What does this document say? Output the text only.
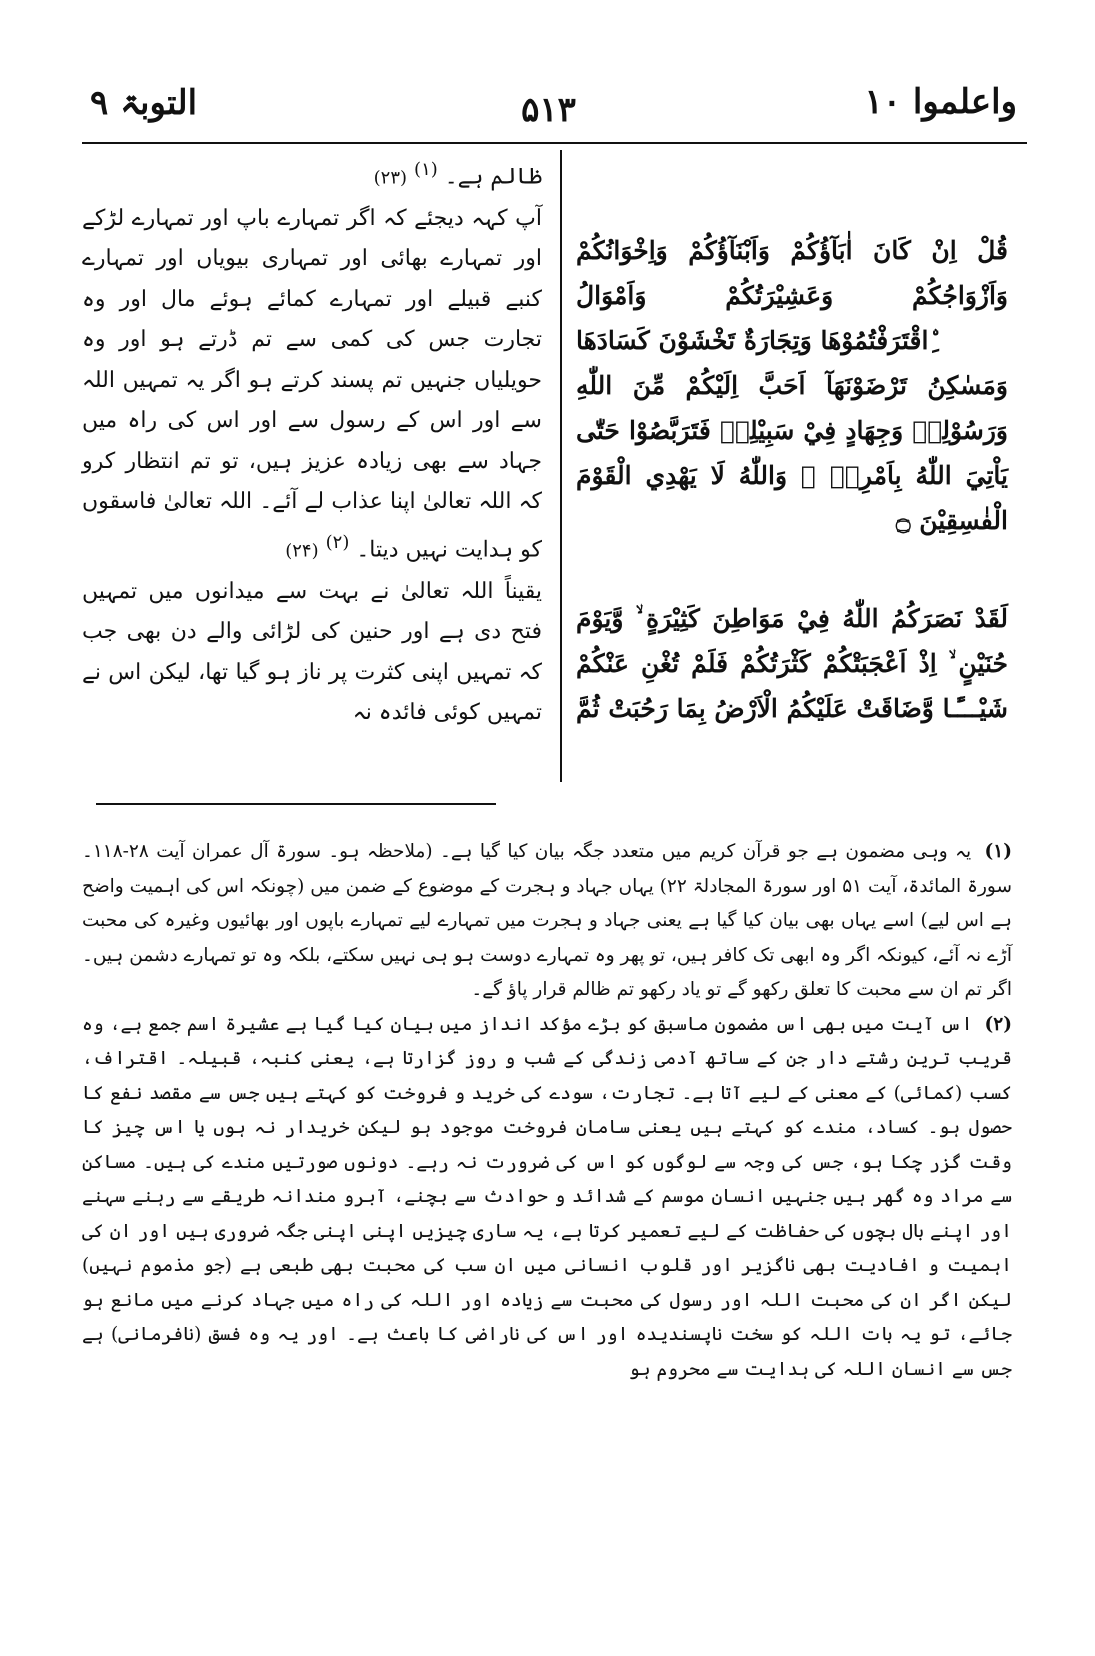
التوبۃ ۹	۵۱۳	واعلموا ۱۰

ظالم ہے۔ $^{(۱)}$ (۲۳)

آپ کہہ دیجئے کہ اگر تمہارے باپ اور تمہارے لڑکے اور تمہارے بھائی اور تمہاری بیویاں اور تمہارے کنبے قبیلے اور تمہارے کمائے ہوئے مال اور وہ تجارت جس کی کمی سے تم ڈرتے ہو اور وہ حویلیاں جنہیں تم پسند کرتے ہو اگر یہ تمہیں اللہ سے اور اس کے رسول سے اور اس کی راہ میں جہاد سے بھی زیادہ عزیز ہیں، تو تم انتظار کرو کہ اللہ تعالیٰ اپنا عذاب لے آئے۔ اللہ تعالیٰ فاسقوں کو ہدایت نہیں دیتا۔ $^{(۲)}$ (۲۴)

یقیناً اللہ تعالیٰ نے بہت سے میدانوں میں تمہیں فتح دی ہے اور حنین کی لڑائی والے دن بھی جب کہ تمہیں اپنی کثرت پر ناز ہو گیا تھا، لیکن اس نے تمہیں کوئی فائدہ نہ

قُلْ اِنْ كَانَ اٰبَآؤُكُمْ وَاَبْنَآؤُكُمْ وَاِخْوَانُكُمْ وَاَزْوَاجُكُمْ وَعَشِيْرَتُكُمْ وَاَمْوَالُ ِۨاقْتَرَفْتُمُوْهَا وَتِجَارَةٌ تَخْشَوْنَ كَسَادَهَا وَمَسٰكِنُ تَرْضَوْنَهَآ اَحَبَّ اِلَيْكُمْ مِّنَ اللّٰهِ وَرَسُوْلِهٖ وَجِهَادٍ فِيْ سَبِيْلِهٖ فَتَرَبَّصُوْا حَتّٰى يَاْتِيَ اللّٰهُ بِاَمْرِهٖ ۭ وَاللّٰهُ لَا يَهْدِي الْقَوْمَ الْفٰسِقِيْنَ ۝

لَقَدْ نَصَرَكُمُ اللّٰهُ فِيْ مَوَاطِنَ كَثِيْرَةٍ ۙ وَّيَوْمَ حُنَيْنٍ ۙ اِذْ اَعْجَبَتْكُمْ كَثْرَتُكُمْ فَلَمْ تُغْنِ عَنْكُمْ شَيْـــًٔـا وَّضَاقَتْ عَلَيْكُمُ الْاَرْضُ بِمَا رَحُبَتْ ثُمَّ

(۱) یہ وہی مضمون ہے جو قرآن کریم میں متعدد جگہ بیان کیا گیا ہے۔ (ملاحظہ ہو۔ سورۃ آل عمران آیت ۲۸-۱۱۸۔ سورۃ المائدۃ، آیت ۵۱ اور سورۃ المجادلۃ ۲۲) یہاں جہاد و ہجرت کے موضوع کے ضمن میں (چونکہ اس کی اہمیت واضح ہے اس لیے) اسے یہاں بھی بیان کیا گیا ہے یعنی جہاد و ہجرت میں تمہارے لیے تمہارے باپوں اور بھائیوں وغیرہ کی محبت آڑے نہ آئے، کیونکہ اگر وہ ابھی تک کافر ہیں، تو پھر وہ تمہارے دوست ہو ہی نہیں سکتے، بلکہ وہ تو تمہارے دشمن ہیں۔ اگر تم ان سے محبت کا تعلق رکھو گے تو یاد رکھو تم ظالم قرار پاؤ گے۔

(۲) اس آیت میں بھی اس مضمون ماسبق کو بڑے مؤکد انداز میں بیان کیا گیا ہے عشیرۃ اسم جمع ہے، وہ قریب ترین رشتے دار جن کے ساتھ آدمی زندگی کے شب و روز گزارتا ہے، یعنی کنبہ، قبیلہ۔ اقتراف، کسب (کمائی) کے معنی کے لیے آتا ہے۔ تجارت، سودے کی خرید و فروخت کو کہتے ہیں جس سے مقصد نفع کا حصول ہو۔ کساد، مندے کو کہتے ہیں یعنی سامان فروخت موجود ہو لیکن خریدار نہ ہوں یا اس چیز کا وقت گزر چکا ہو، جس کی وجہ سے لوگوں کو اس کی ضرورت نہ رہے۔ دونوں صورتیں مندے کی ہیں۔ مساکن سے مراد وہ گھر ہیں جنہیں انسان موسم کے شدائد و حوادث سے بچنے، آبرو مندانہ طریقے سے رہنے سہنے اور اپنے بال بچوں کی حفاظت کے لیے تعمیر کرتا ہے، یہ ساری چیزیں اپنی اپنی جگہ ضروری ہیں اور ان کی اہمیت و افادیت بھی ناگزیر اور قلوب انسانی میں ان سب کی محبت بھی طبعی ہے (جو مذموم نہیں) لیکن اگر ان کی محبت اللہ اور رسول کی محبت سے زیادہ اور اللہ کی راہ میں جہاد کرنے میں مانع ہو جائے، تو یہ بات اللہ کو سخت ناپسندیدہ اور اس کی ناراضی کا باعث ہے۔ اور یہ وہ فسق (نافرمانی) ہے جس سے انسان اللہ کی ہدایت سے محروم ہو
